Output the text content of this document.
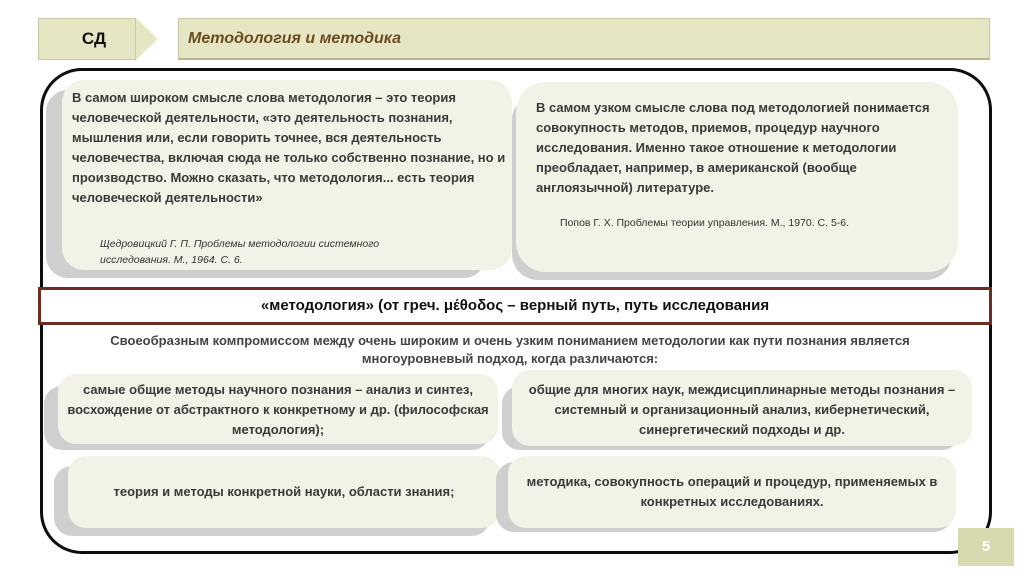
СД	Методология и методика
В самом широком смысле слова методология – это теория человеческой деятельности, «это деятельность познания, мышления или, если говорить точнее, вся деятельность человечества, включая сюда не только собственно познание, но и производство. Можно сказать, что методология... есть теория человеческой деятельности»
Щедровицкий Г. П. Проблемы методологии системного исследования. М., 1964. С. 6.
В самом узком смысле слова под методологией понимается совокупность методов, приемов, процедур научного исследования. Именно такое отношение к методологии преобладает, например, в американской (вообще англоязычной) литературе.
Попов Г. Х. Проблемы теории управления. М., 1970. С. 5-6.
«методология» (от греч. μέθοδος – верный путь, путь исследования
Своеобразным компромиссом между очень широким и очень узким пониманием методологии как пути познания является многоуровневый подход, когда различаются:
самые общие методы научного познания – анализ и синтез, восхождение от абстрактного к конкретному и др. (философская методология);
общие для многих наук, междисциплинарные методы познания – системный и организационный анализ, кибернетический, синергетический подходы и др.
теория и методы конкретной науки, области знания;
методика, совокупность операций и процедур, применяемых в конкретных исследованиях.
5
